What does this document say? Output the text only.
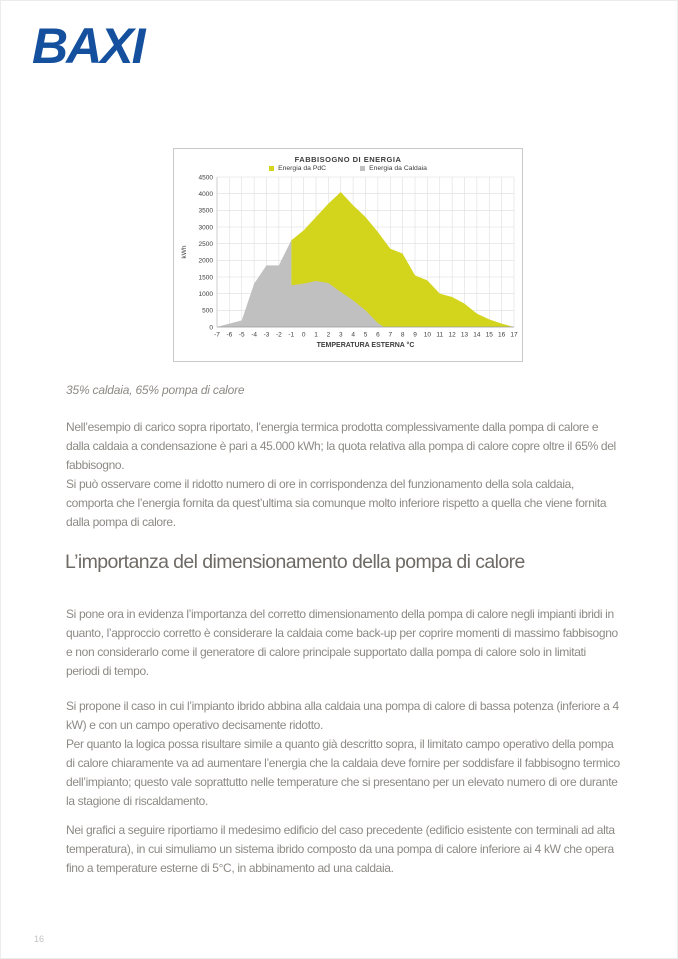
BAXI
0
500
1000
1500
2000
2500
3000
3500
4000
4500
-7 -6 -5 -4 -3 -2 -1 0 1 2 3 4 5 6 7 8 9 10 11 12 13 14 15 16 17
TEMPERATURA ESTERNA °C
kWh
FABBISOGNO DI ENERGIA
Energia da PdC	Energia da Caldaia
35% caldaia, 65% pompa di calore
Nell’esempio di carico sopra riportato, l’energia termica prodotta complessivamente dalla pompa di calore e dalla caldaia a condensazione è pari a 45.000 kWh; la quota relativa alla pompa di calore copre oltre il 65% del fabbisogno.
Si può osservare come il ridotto numero di ore in corrispondenza del funzionamento della sola caldaia, comporta che l’energia fornita da quest’ultima sia comunque molto inferiore rispetto a quella che viene fornita dalla pompa di calore.
L’importanza del dimensionamento della pompa di calore
Si pone ora in evidenza l’importanza del corretto dimensionamento della pompa di calore negli impianti ibridi in quanto, l’approccio corretto è considerare la caldaia come back-up per coprire momenti di massimo fabbisogno e non considerarlo come il generatore di calore principale supportato dalla pompa di calore solo in limitati periodi di tempo.
Si propone il caso in cui l’impianto ibrido abbina alla caldaia una pompa di calore di bassa potenza (inferiore a 4 kW) e con un campo operativo decisamente ridotto.
Per quanto la logica possa risultare simile a quanto già descritto sopra, il limitato campo operativo della pompa di calore chiaramente va ad aumentare l’energia che la caldaia deve fornire per soddisfare il fabbisogno termico dell’impianto; questo vale soprattutto nelle temperature che si presentano per un elevato numero di ore durante la stagione di riscaldamento.
Nei grafici a seguire riportiamo il medesimo edificio del caso precedente (edificio esistente con terminali ad alta temperatura), in cui simuliamo un sistema ibrido composto da una pompa di calore inferiore ai 4 kW che opera fino a temperature esterne di 5°C, in abbinamento ad una caldaia.
16
